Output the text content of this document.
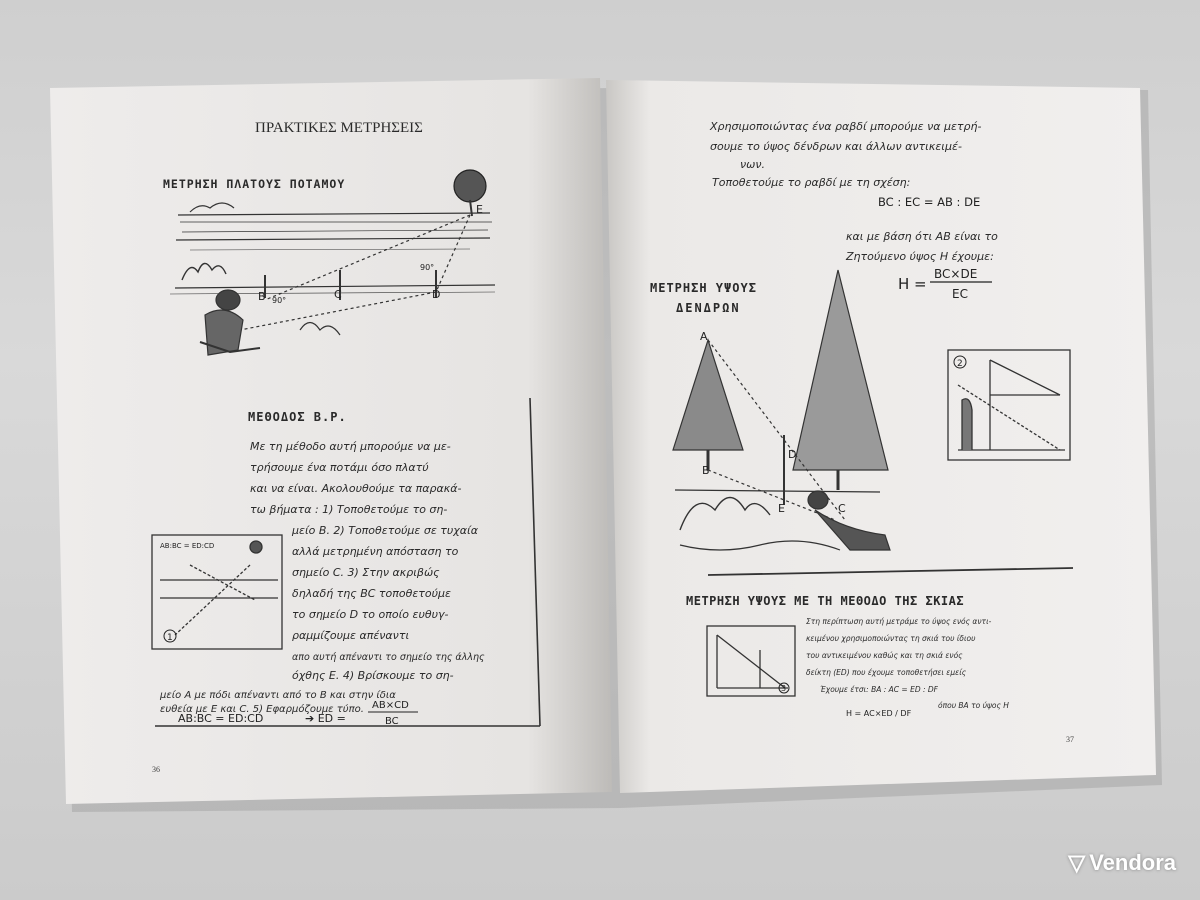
ΠΡΑΚΤΙΚΕΣ ΜΕΤΡΗΣΕΙΣ
ΜΕΤΡΗΣΗ ΠΛΑΤΟΥΣ ΠΟΤΑΜΟΥ
B	C	D
E
90°
90°
ΜΕΘΟΔΟΣ Β.Ρ.
Με τη μέθοδο αυτή μπορούμε να με-
τρήσουμε ένα ποτάμι όσο πλατύ
και να είναι. Ακολουθούμε τα παρακά-
τω βήματα : 1) Τοποθετούμε το ση-
μείο Β. 2) Τοποθετούμε σε τυχαία
αλλά μετρημένη απόσταση το
σημείο C. 3) Στην ακριβώς
δηλαδή της BC τοποθετούμε
το σημείο D το οποίο ευθυγ-
ραμμίζουμε απέναντι
απο αυτή απέναντι το σημείο της άλλης
όχθης Ε. 4) Βρίσκουμε το ση-
μείο Α με πόδι απέναντι από το Β και στην ίδια
ευθεία με Ε και C. 5) Εφαρμόζουμε τύπο.
AB:BC = ED:CD	➔ ED =
AB×CD
BC
AB:BC = ED:CD
1
36
Χρησιμοποιώντας ένα ραβδί μπορούμε να μετρή-
σουμε το ύψος δένδρων και άλλων αντικειμέ-
νων.
Τοποθετούμε το ραβδί με τη σχέση:
BC : EC = AB : DE
και με βάση ότι ΑΒ είναι το
Ζητούμενο ύψος Η έχουμε:
H =
BC×DE
EC
ΜΕΤΡΗΣΗ ΥΨΟΥΣ
ΔΕΝΔΡΩΝ
A
B
D
E	C
2
ΜΕΤΡΗΣΗ ΥΨΟΥΣ ΜΕ ΤΗ ΜΕΘΟΔΟ ΤΗΣ ΣΚΙΑΣ
Στη περίπτωση αυτή μετράμε το ύψος ενός αντι-
κειμένου χρησιμοποιώντας τη σκιά του ίδιου
του αντικειμένου καθώς και τη σκιά ενός
δείκτη (ED) που έχουμε τοποθετήσει εμείς
Έχουμε έτσι: BA : AC = ED : DF
όπου ΒΑ το ύψος Η
H = AC×ED / DF
3
37
▽ Vendora
